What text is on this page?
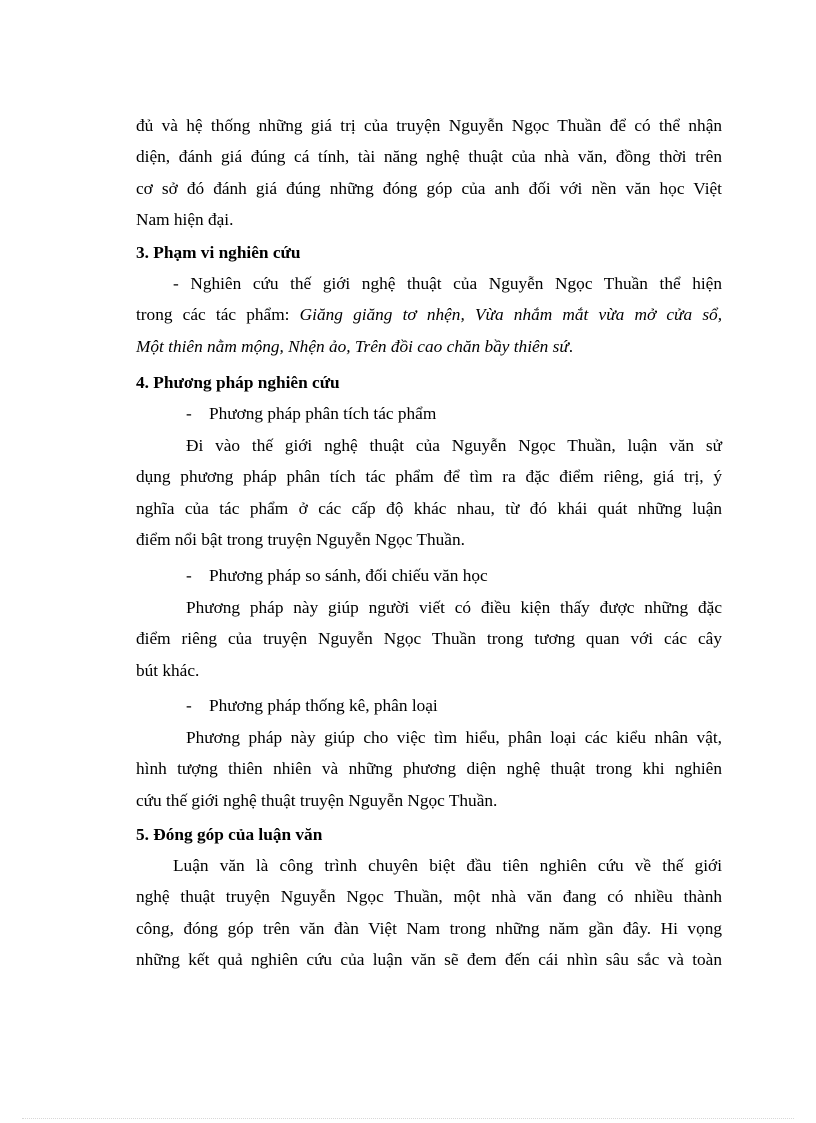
đủ và hệ thống những giá trị của truyện Nguyễn Ngọc Thuần để có thể nhận
diện, đánh giá đúng cá tính, tài năng nghệ thuật của nhà văn, đồng thời trên
cơ sở đó đánh giá đúng những đóng góp của anh đối với nền văn học Việt
Nam hiện đại.
3. Phạm vi nghiên cứu
- Nghiên cứu thế giới nghệ thuật của Nguyễn Ngọc Thuần thể hiện
trong các tác phẩm: Giăng giăng tơ nhện, Vừa nhắm mắt vừa mở cửa sổ,
Một thiên nằm mộng, Nhện ảo, Trên đồi cao chăn bầy thiên sứ.
4. Phương pháp nghiên cứu
- Phương pháp phân tích tác phẩm
Đi vào thế giới nghệ thuật của Nguyễn Ngọc Thuần, luận văn sử
dụng phương pháp phân tích tác phẩm để tìm ra đặc điểm riêng, giá trị, ý
nghĩa của tác phẩm ở các cấp độ khác nhau, từ đó khái quát những luận
điểm nổi bật trong truyện Nguyễn Ngọc Thuần.
- Phương pháp so sánh, đối chiếu văn học
Phương pháp này giúp người viết có điều kiện thấy được những đặc
điểm riêng của truyện Nguyễn Ngọc Thuần trong tương quan với các cây
bút khác.
- Phương pháp thống kê, phân loại
Phương pháp này giúp cho việc tìm hiểu, phân loại các kiểu nhân vật,
hình tượng thiên nhiên và những phương diện nghệ thuật trong khi nghiên
cứu thế giới nghệ thuật truyện Nguyễn Ngọc Thuần.
5. Đóng góp của luận văn
Luận văn là công trình chuyên biệt đầu tiên nghiên cứu về thế giới
nghệ thuật truyện Nguyễn Ngọc Thuần, một nhà văn đang có nhiều thành
công, đóng góp trên văn đàn Việt Nam trong những năm gần đây. Hi vọng
những kết quả nghiên cứu của luận văn sẽ đem đến cái nhìn sâu sắc và toàn
